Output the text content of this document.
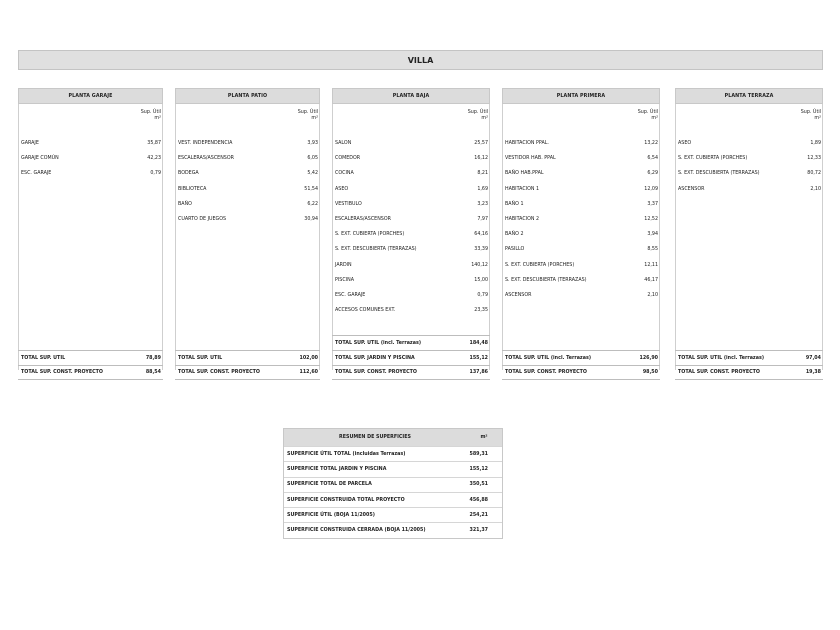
VILLA
PLANTA GARAJE
Sup. Útil
m²
GARAJE	35,87
GARAJE COMÚN	42,23
ESC. GARAJE	0,79
TOTAL SUP. UTIL	78,89
TOTAL SUP. CONST. PROYECTO	88,54
PLANTA PATIO
Sup. Útil
m²
VEST. INDEPENDENCIA	3,93
ESCALERAS/ASCENSOR	6,05
BODEGA	5,42
BIBLIOTECA	51,54
BAÑO	6,22
CUARTO DE JUEGOS	30,94
TOTAL SUP. UTIL	102,00
TOTAL SUP. CONST. PROYECTO	112,60
PLANTA BAJA
Sup. Útil
m²
SALON	25,57
COMEDOR	16,12
COCINA	8,21
ASEO	1,69
VESTIBULO	3,23
ESCALERAS/ASCENSOR	7,97
S. EXT. CUBIERTA (PORCHES)	64,16
S. EXT. DESCUBIERTA (TERRAZAS)	33,39
JARDIN	140,12
PISCINA	15,00
ESC. GARAJE	0,79
ACCESOS COMUNES EXT.	23,35
TOTAL SUP. UTIL (incl. Terrazas)	184,48
TOTAL SUP. JARDIN Y PISCINA	155,12
TOTAL SUP. CONST. PROYECTO	137,86
PLANTA PRIMERA
Sup. Útil
m²
HABITACION PPAL.	13,22
VESTIDOR HAB. PPAL	6,54
BAÑO HAB.PPAL	6,29
HABITACION 1	12,09
BAÑO 1	3,37
HABITACION 2	12,52
BAÑO 2	3,94
PASILLO	8,55
S. EXT. CUBIERTA (PORCHES)	12,11
S. EXT. DESCUBIERTA (TERRAZAS)	46,17
ASCENSOR	2,10
TOTAL SUP. UTIL (incl. Terrazas)	126,90
TOTAL SUP. CONST. PROYECTO	98,50
PLANTA TERRAZA
Sup. Útil
m²
ASEO	1,89
S. EXT. CUBIERTA (PORCHES)	12,33
S. EXT. DESCUBIERTA (TERRAZAS)	80,72
ASCENSOR	2,10
TOTAL SUP. UTIL (incl. Terrazas)	97,04
TOTAL SUP. CONST. PROYECTO	19,38
RESUMEN DE SUPERFICIES	m²
SUPERFICIE ÚTIL TOTAL (incluidas Terrazas)	589,31
SUPERFICIE TOTAL JARDIN Y PISCINA	155,12
SUPERFICIE TOTAL DE PARCELA	350,51
SUPERFICIE CONSTRUIDA TOTAL PROYECTO	456,88
SUPERFICIE ÚTIL (BOJA 11/2005)	254,21
SUPERFICIE CONSTRUIDA CERRADA (BOJA 11/2005)	321,37
